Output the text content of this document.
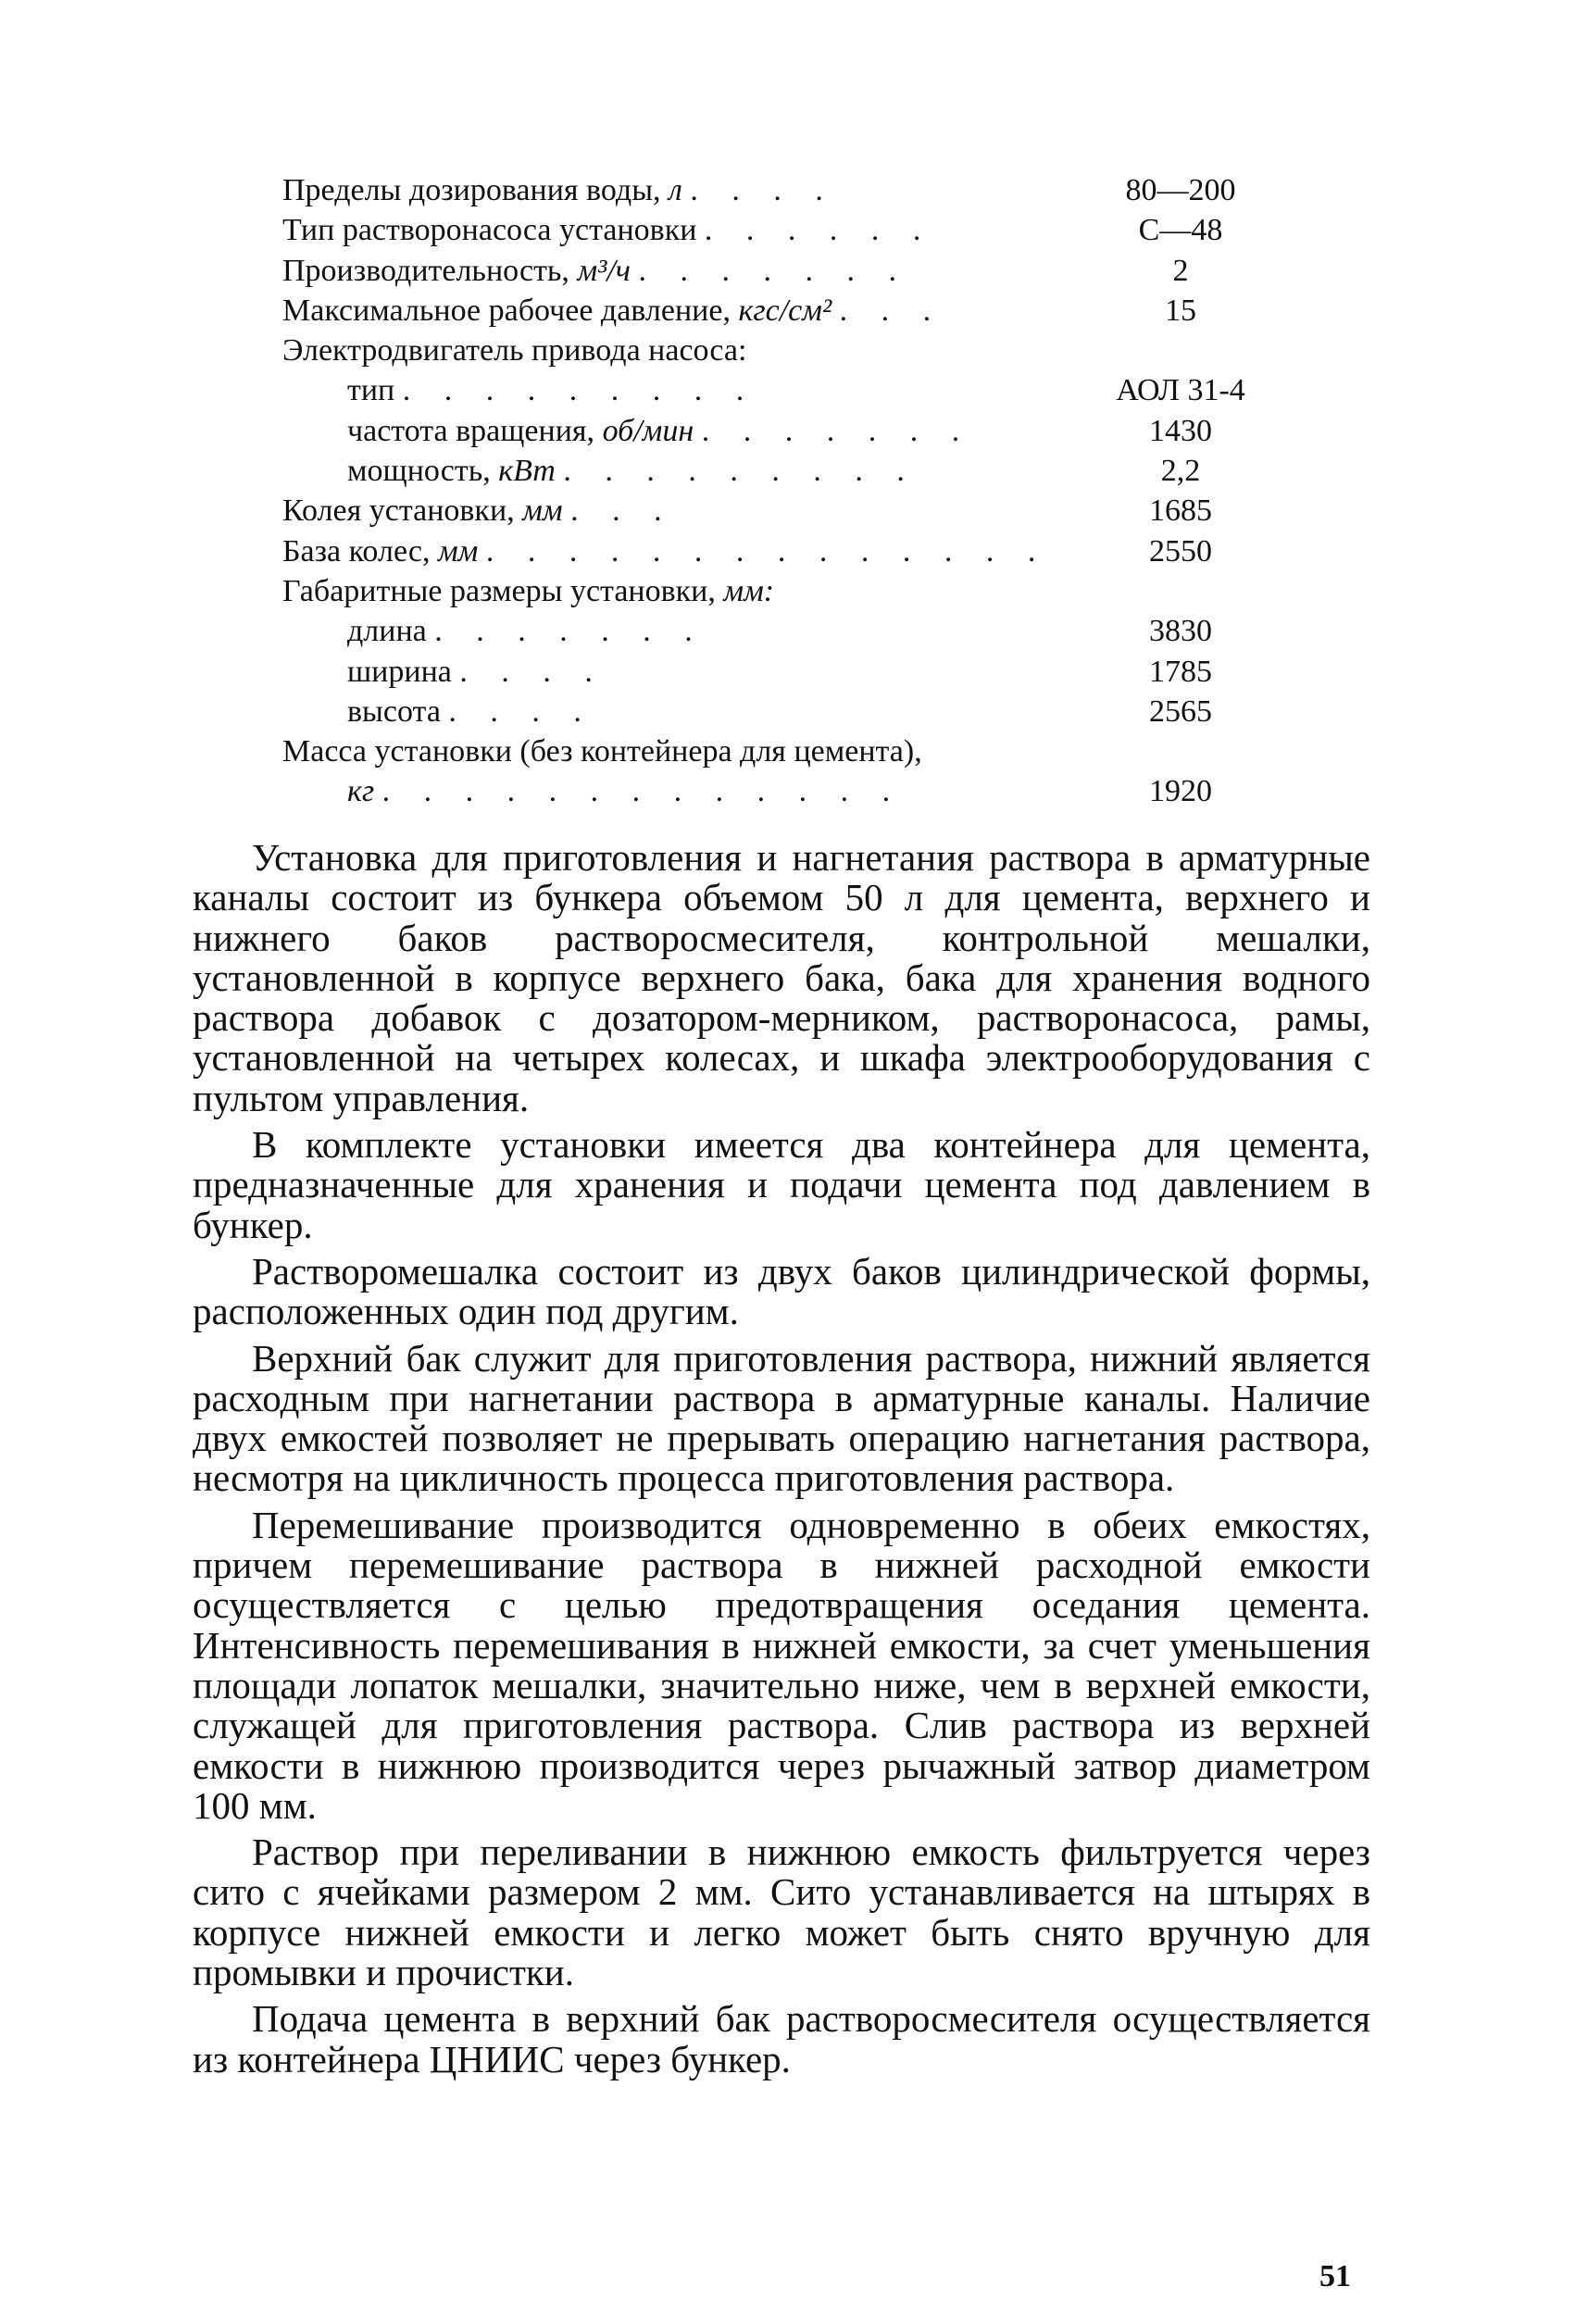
Пределы дозирования воды, л . . . .	80—200
Тип растворонасоса установки . . . . . .	С—48
Производительность, м³/ч . . . . . . .	2
Максимальное рабочее давление, кгс/см² . . .	15
Электродвигатель привода насоса:
тип . . . . . . . . .	АОЛ 31-4
частота вращения, об/мин . . . . . . .	1430
мощность, кВт . . . . . . . . .	2,2
Колея установки, мм . . .	1685
База колес, мм . . . . . . . . . . . . . .	2550
Габаритные размеры установки, мм:
длина . . . . . . .	3830
ширина . . . .	1785
высота . . . .	2565
Масса установки (без контейнера для цемента),
кг . . . . . . . . . . . . .	1920

Установка для приготовления и нагнетания раствора в арматурные каналы состоит из бункера объемом 50 л для цемента, верхнего и нижнего баков растворосмесителя, контрольной мешалки, установленной в корпусе верхнего бака, бака для хранения водного раствора добавок с дозатором-мерником, растворонасоса, рамы, установленной на четырех колесах, и шкафа электрооборудования с пультом управления.

В комплекте установки имеется два контейнера для цемента, предназначенные для хранения и подачи цемента под давлением в бункер.

Растворомешалка состоит из двух баков цилиндрической формы, расположенных один под другим.

Верхний бак служит для приготовления раствора, нижний является расходным при нагнетании раствора в арматурные каналы. Наличие двух емкостей позволяет не прерывать операцию нагнетания раствора, несмотря на цикличность процесса приготовления раствора.

Перемешивание производится одновременно в обеих емкостях, причем перемешивание раствора в нижней расходной емкости осуществляется с целью предотвращения оседания цемента. Интенсивность перемешивания в нижней емкости, за счет уменьшения площади лопаток мешалки, значительно ниже, чем в верхней емкости, служащей для приготовления раствора. Слив раствора из верхней емкости в нижнюю производится через рычажный затвор диаметром 100 мм.

Раствор при переливании в нижнюю емкость фильтруется через сито с ячейками размером 2 мм. Сито устанавливается на штырях в корпусе нижней емкости и легко может быть снято вручную для промывки и прочистки.

Подача цемента в верхний бак растворосмесителя осуществляется из контейнера ЦНИИС через бункер.

51
